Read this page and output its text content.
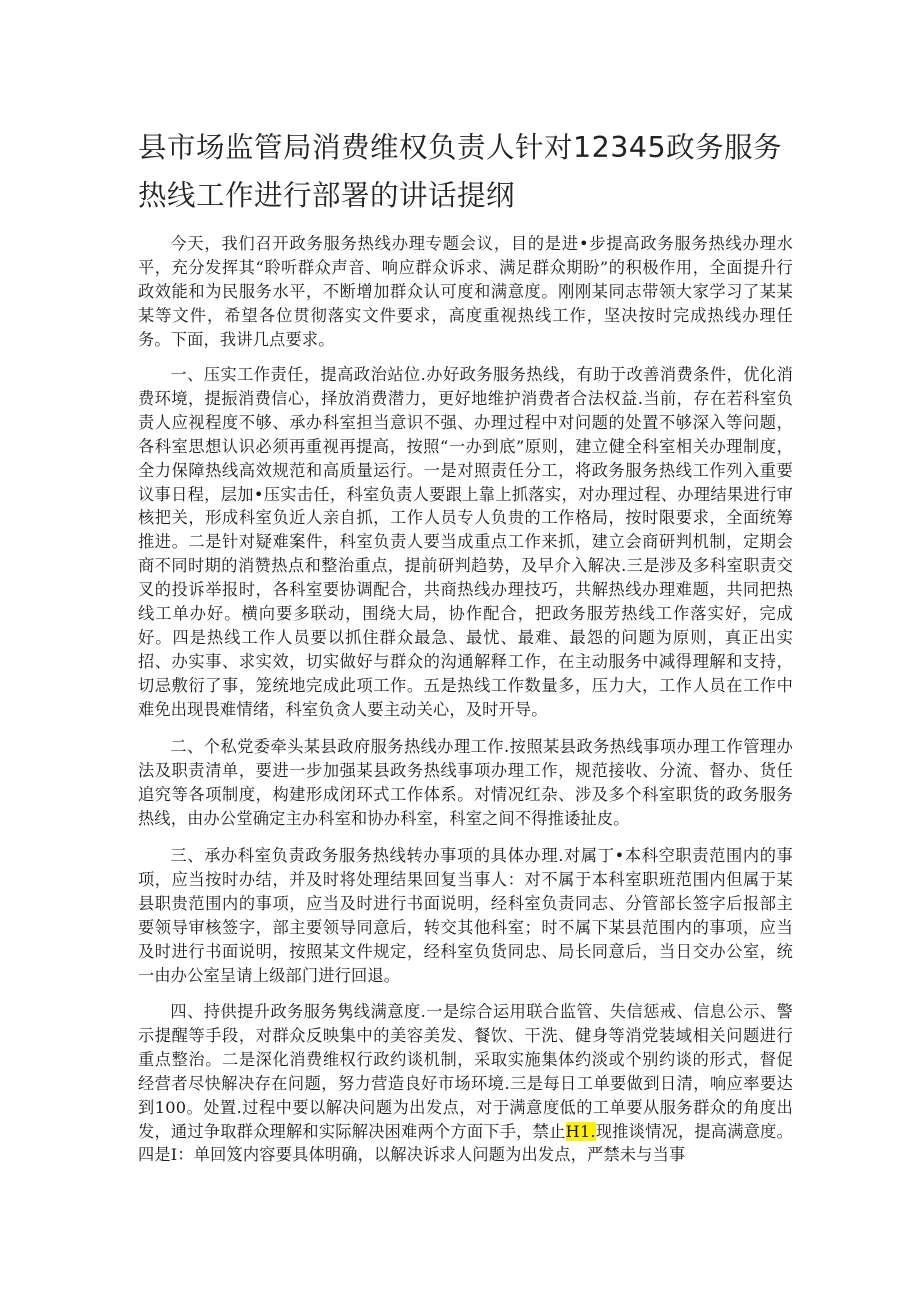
县市场监管局消费维权负责人针对12345政务服务热线工作进行部署的讲话提纲

今天，我们召开政务服务热线办理专题会议，目的是进•步提高政务服务热线办理水平，充分发挥其“聆听群众声音、响应群众诉求、满足群众期盼”的积极作用，全面提升行政效能和为民服务水平，不断增加群众认可度和满意度。刚刚某同志带领大家学习了某某某等文件，希望各位贯彻落实文件要求，高度重视热线工作，坚决按时完成热线办理任务。下面，我讲几点要求。

一、压实工作责任，提高政治站位.办好政务服务热线，有助于改善消费条件，优化消费环境，提振消费信心，择放消费潜力，更好地维护消费者合法权益.当前，存在若科室负责人应视程度不够、承办科室担当意识不强、办理过程中对问题的处置不够深入等问题，各科室思想认识必须再重视再提高，按照“一办到底”原则，建立健全科室相关办理制度，全力保障热线高效规范和高质量运行。一是对照责任分工，将政务服务热线工作列入重要议事日程，层加•压实击任，科室负责人要跟上靠上抓落实，对办理过程、办理结果进行审核把关，形成科室负近人亲自抓，工作人员专人负贵的工作格局，按时限要求，全面统筹推进。二是针对疑难案件，科室负责人要当成重点工作来抓，建立会商研判机制，定期会商不同时期的消赞热点和整治重点，提前研判趋势，及早介入解决.三是涉及多科室职责交叉的投诉举报时，各科室要协调配合，共商热线办理技巧，共解热线办理难题，共同把热线工单办好。横向要多联动，围绕大局，协作配合，把政务服芳热线工作落实好，完成好。四是热线工作人员要以抓住群众最急、最忧、最难、最怨的问题为原则，真正出实招、办实事、求实效，切实做好与群众的沟通解释工作，在主动服务中减得理解和支持，切忌敷衍了事，笼统地完成此项工作。五是热线工作数量多，压力大，工作人员在工作中难免出现畏难情绪，科室负贪人要主动关心，及时开导。

二、个私党委牵头某县政府服务热线办理工作.按照某县政务热线事项办理工作管理办法及职责清单，要进一步加强某县政务热线事项办理工作，规范接收、分流、督办、货任追究等各项制度，构建形成闭环式工作体系。对情况红杂、涉及多个科室职货的政务服务热线，由办公堂确定主办科室和协办科室，科室之间不得推诿扯皮。

三、承办科室负责政务服务热线转办事项的具体办理.对属丁•本科空职责范围内的事项，应当按时办结，并及时将处理结果回复当事人：对不属于本科室职班范围内但属于某县职贵范围内的事项，应当及时进行书面说明，经科室负责同志、分管部长签字后报部主要领导审核签字，部主要领导同意后，转交其他科室；时不属下某县范围内的事项，应当及时进行书面说明，按照某文件规定，经科室负货同忠、局长同意后，当日交办公室，统一由办公室呈请上级部门进行回退。

四、持供提升政务服务隽线满意度.一是综合运用联合监管、失信惩戒、信息公示、警示提醒等手段，对群众反映集中的美容美发、餐饮、干洗、健身等消党装域相关问题进行重点整治。二是深化消费维权行政约谈机制，采取实施集体约淡或个别约谈的形式，督促经营者尽快解决存在问题，努力营造良好市场环境.三是每日工单要做到日清，响应率要达到100。处置.过程中要以解决问题为出发点，对于满意度低的工单要从服务群众的角度出发，通过争取群众理解和实际解决困难两个方面下手，禁止H1.现推谈情况，提高满意度。四是I：单回笈内容要具体明确，以解决诉求人问题为出发点，严禁未与当事
